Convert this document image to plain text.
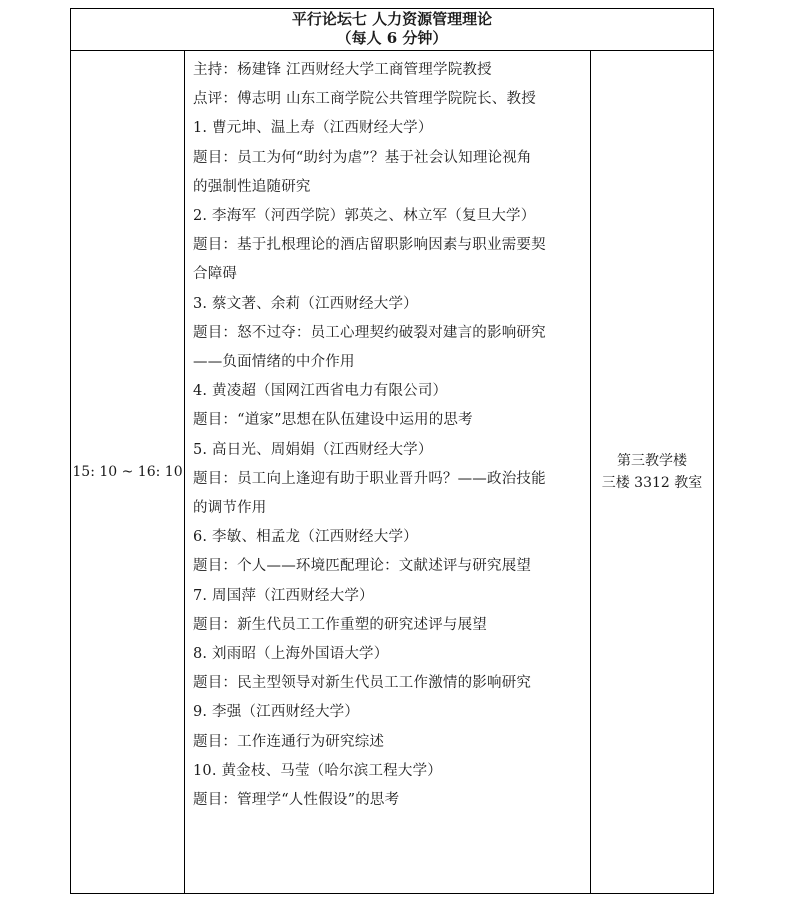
平行论坛七 人力资源管理理论
（每人 6 分钟）
15: 10 ~ 16: 10
主持：杨建锋 江西财经大学工商管理学院教授
点评：傅志明 山东工商学院公共管理学院院长、教授
1. 曹元坤、温上寿（江西财经大学）
题目：员工为何“助纣为虐”？基于社会认知理论视角
的强制性追随研究
2. 李海军（河西学院）郭英之、林立军（复旦大学）
题目：基于扎根理论的酒店留职影响因素与职业需要契
合障碍
3. 蔡文著、余莉（江西财经大学）
题目：怒不过夺：员工心理契约破裂对建言的影响研究
——负面情绪的中介作用
4. 黄凌超（国网江西省电力有限公司）
题目：“道家”思想在队伍建设中运用的思考
5. 高日光、周娟娟（江西财经大学）
题目：员工向上逢迎有助于职业晋升吗？——政治技能
的调节作用
6. 李敏、相孟龙（江西财经大学）
题目：个人——环境匹配理论：文献述评与研究展望
7. 周国萍（江西财经大学）
题目：新生代员工工作重塑的研究述评与展望
8. 刘雨昭（上海外国语大学）
题目：民主型领导对新生代员工工作激情的影响研究
9. 李强（江西财经大学）
题目：工作连通行为研究综述
10. 黄金枝、马莹（哈尔滨工程大学）
题目：管理学“人性假设”的思考
第三教学楼
三楼 3312 教室
